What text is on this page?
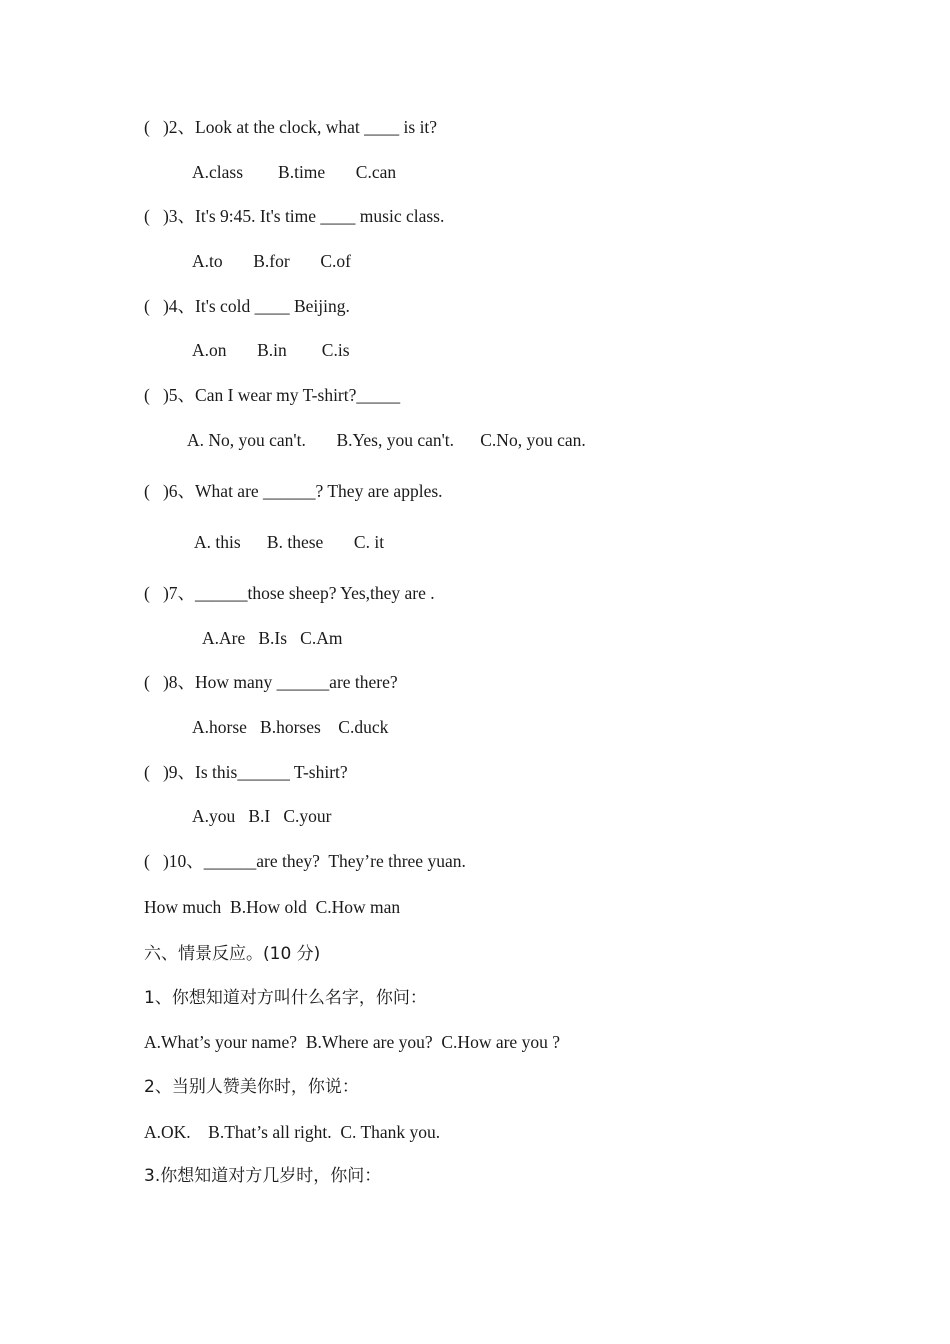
(   )2、Look at the clock, what ____ is it?
A.class        B.time       C.can
(   )3、It's 9:45. It's time ____ music class.
A.to       B.for       C.of
(   )4、It's cold ____ Beijing.
A.on       B.in        C.is
(   )5、Can I wear my T-shirt?_____
A. No, you can't.       B.Yes, you can't.      C.No, you can.
(   )6、What are ______? They are apples.
A. this      B. these       C. it
(   )7、______those sheep? Yes,they are .
A.Are   B.Is   C.Am
(   )8、How many ______are there?
A.horse   B.horses    C.duck
(   )9、Is this______ T-shirt?
A.you   B.I   C.your
(   )10、______are they?  They’re three yuan.
How much  B.How old  C.How man
六、情景反应。(10 分)
1、你想知道对方叫什么名字，你问：
A.What’s your name?  B.Where are you?  C.How are you ?
2、当别人赞美你时，你说：
A.OK.    B.That’s all right.  C. Thank you.
3.你想知道对方几岁时，你问：
